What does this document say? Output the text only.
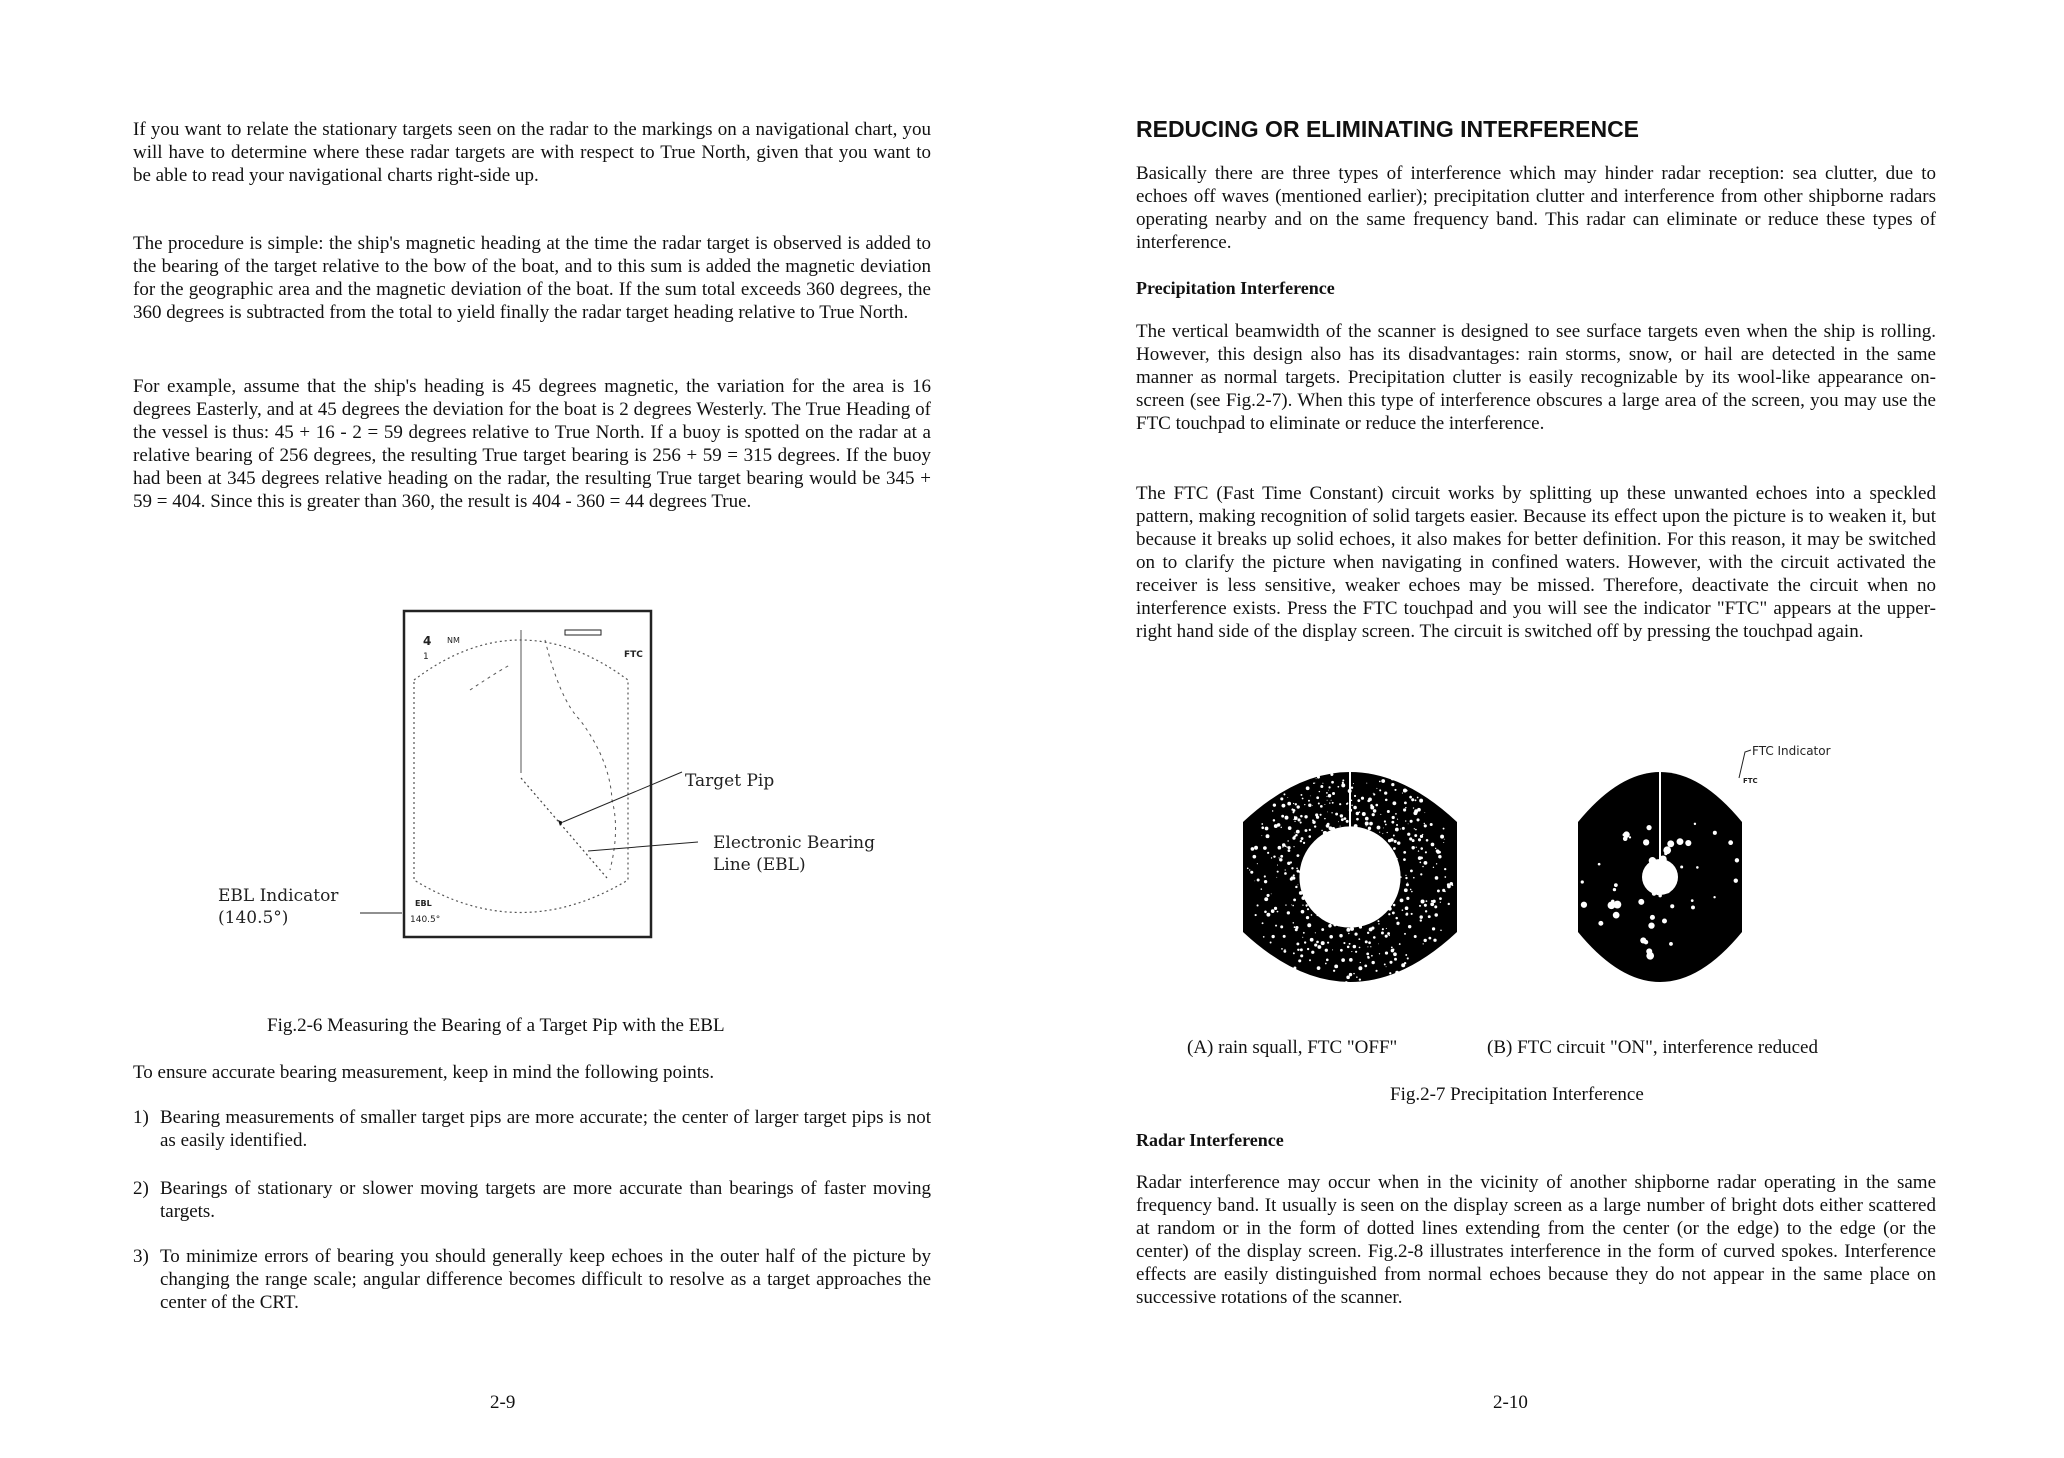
If you want to relate the stationary targets seen on the radar to the markings on a navigational chart, you will have to determine where these radar targets are with respect to True North, given that you want to be able to read your navigational charts right-side up.

The procedure is simple: the ship's magnetic heading at the time the radar target is observed is added to the bearing of the target relative to the bow of the boat, and to this sum is added the magnetic deviation for the geographic area and the magnetic deviation of the boat. If the sum total exceeds 360 degrees, the 360 degrees is subtracted from the total to yield finally the radar target heading relative to True North.

For example, assume that the ship's heading is 45 degrees magnetic, the variation for the area is 16 degrees Easterly, and at 45 degrees the deviation for the boat is 2 degrees Westerly. The True Heading of the vessel is thus: 45 + 16 - 2 = 59 degrees relative to True North. If a buoy is spotted on the radar at a relative bearing of 256 degrees, the resulting True target bearing is 256 + 59 = 315 degrees. If the buoy had been at 345 degrees relative heading on the radar, the resulting True target bearing would be 345 + 59 = 404. Since this is greater than 360, the result is 404 - 360 = 44 degrees True.

4 NM
1	FTC
EBL
140.5°
Target Pip
Electronic Bearing
Line (EBL)
EBL Indicator
(140.5°)
Fig.2-6 Measuring the Bearing of a Target Pip with the EBL

To ensure accurate bearing measurement, keep in mind the following points.

1) Bearing measurements of smaller target pips are more accurate; the center of larger target pips is not as easily identified.
2) Bearings of stationary or slower moving targets are more accurate than bearings of faster moving targets.
3) To minimize errors of bearing you should generally keep echoes in the outer half of the picture by changing the range scale; angular difference becomes difficult to resolve as a target approaches the center of the CRT.
2-9
REDUCING OR ELIMINATING INTERFERENCE

Basically there are three types of interference which may hinder radar reception: sea clutter, due to echoes off waves (mentioned earlier); precipitation clutter and interference from other shipborne radars operating nearby and on the same frequency band. This radar can eliminate or reduce these types of interference.

Precipitation Interference

The vertical beamwidth of the scanner is designed to see surface targets even when the ship is rolling. However, this design also has its disadvantages: rain storms, snow, or hail are detected in the same manner as normal targets. Precipitation clutter is easily recognizable by its wool-like appearance on-screen (see Fig.2-7). When this type of interference obscures a large area of the screen, you may use the FTC touchpad to eliminate or reduce the interference.

The FTC (Fast Time Constant) circuit works by splitting up these unwanted echoes into a speckled pattern, making recognition of solid targets easier. Because its effect upon the picture is to weaken it, but because it breaks up solid echoes, it also makes for better definition. For this reason, it may be switched on to clarify the picture when navigating in confined waters. However, with the circuit activated the receiver is less sensitive, weaker echoes may be missed. Therefore, deactivate the circuit when no interference exists. Press the FTC touchpad and you will see the indicator "FTC" appears at the upper-right hand side of the display screen. The circuit is switched off by pressing the touchpad again.

FTC Indicator
FTC
(A) rain squall, FTC "OFF"	(B) FTC circuit "ON", interference reduced
Fig.2-7 Precipitation Interference
Radar Interference

Radar interference may occur when in the vicinity of another shipborne radar operating in the same frequency band. It usually is seen on the display screen as a large number of bright dots either scattered at random or in the form of dotted lines extending from the center (or the edge) to the edge (or the center) of the display screen. Fig.2-8 illustrates interference in the form of curved spokes. Interference effects are easily distinguished from normal echoes because they do not appear in the same place on successive rotations of the scanner.

2-10
